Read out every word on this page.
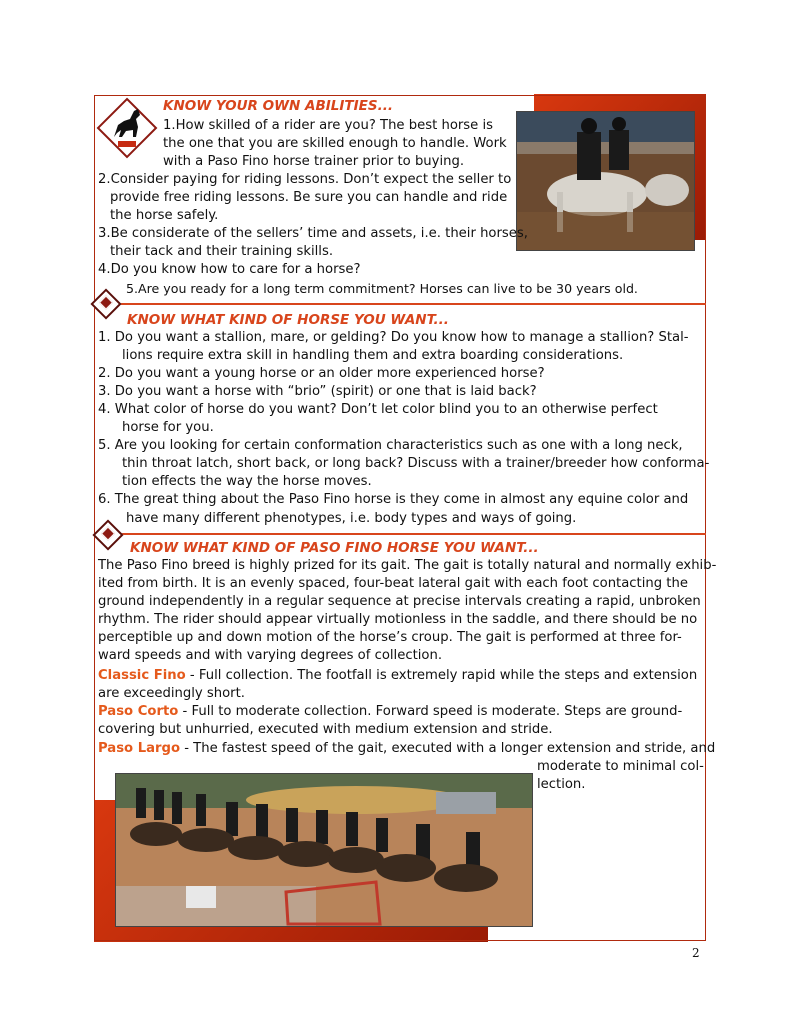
KNOW YOUR OWN ABILITIES...
1.How skilled of a rider are you? The best horse is
the one that you are skilled enough to handle. Work
with a Paso Fino horse trainer prior to buying.
2.Consider paying for riding lessons. Don’t expect the seller to
provide free riding lessons. Be sure you can handle and ride
the horse safely.
3.Be considerate of the sellers’ time and assets, i.e. their horses,
their tack and their training skills.
4.Do you know how to care for a horse?
5.Are you ready for a long term commitment? Horses can live to be 30 years old.
KNOW WHAT KIND OF HORSE YOU WANT...
1. Do you want a stallion, mare, or gelding? Do you know how to manage a stallion? Stal-
lions require extra skill in handling them and extra boarding considerations.
2. Do you want a young horse or an older more experienced horse?
3. Do you want a horse with “brio” (spirit) or one that is laid back?
4. What color of horse do you want? Don’t let color blind you to an otherwise perfect
horse for you.
5. Are you looking for certain conformation characteristics such as one with a long neck,
thin throat latch, short back, or long back? Discuss with a trainer/breeder how conforma-
tion effects the way the horse moves.
6. The great thing about the Paso Fino horse is they come in almost any equine color and
have many different phenotypes, i.e. body types and ways of going.
KNOW WHAT KIND OF PASO FINO HORSE YOU WANT...
The Paso Fino breed is highly prized for its gait. The gait is totally natural and normally exhib-
ited from birth. It is an evenly spaced, four-beat lateral gait with each foot contacting the
ground independently in a regular sequence at precise intervals creating a rapid, unbroken
rhythm. The rider should appear virtually motionless in the saddle, and there should be no
perceptible up and down motion of the horse’s croup. The gait is performed at three for-
ward speeds and with varying degrees of collection.
Classic Fino - Full collection. The footfall is extremely rapid while the steps and extension
are exceedingly short.
Paso Corto - Full to moderate collection. Forward speed is moderate. Steps are ground-
covering but unhurried, executed with medium extension and stride.
Paso Largo - The fastest speed of the gait, executed with a longer extension and stride, and
moderate to minimal col-
lection.
2
